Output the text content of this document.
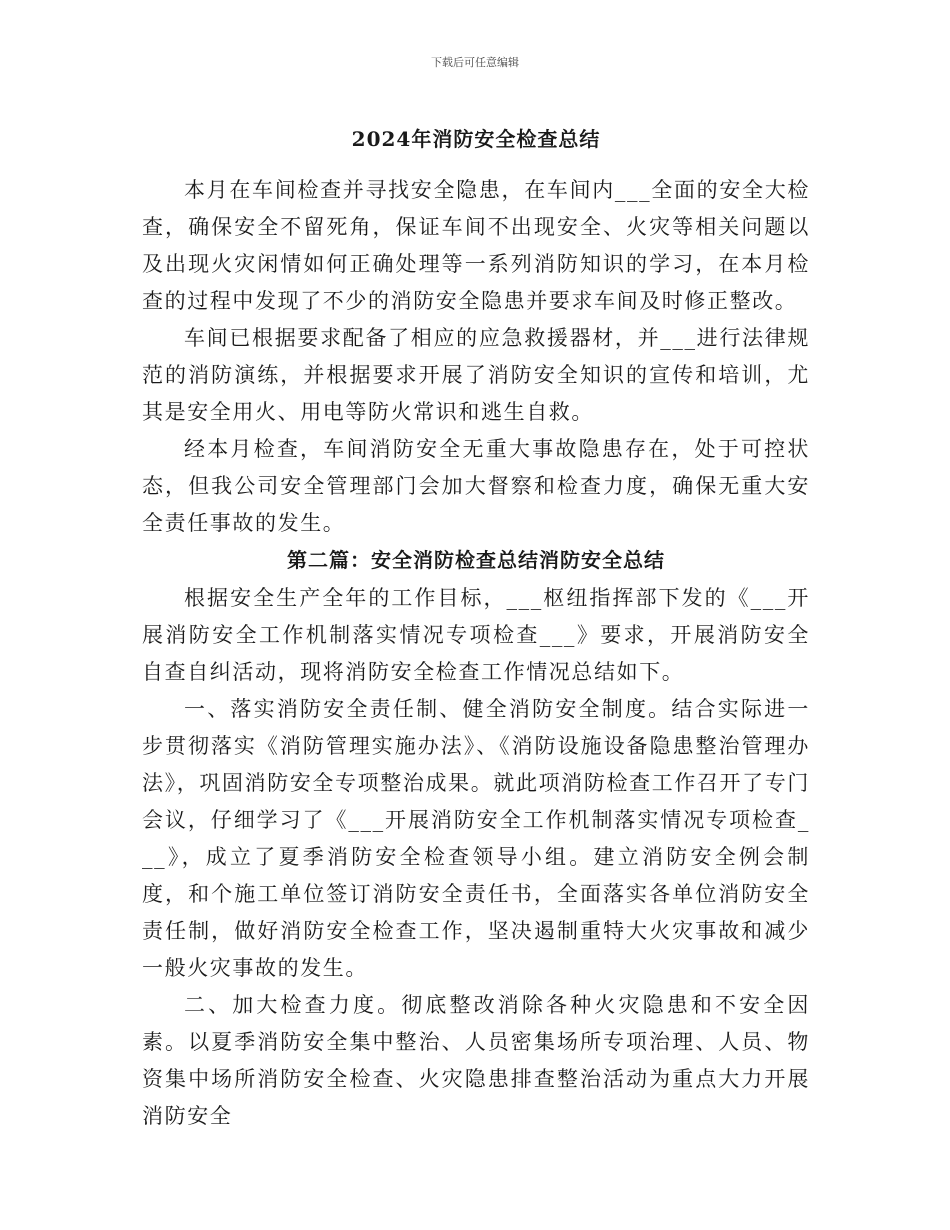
下载后可任意编辑
2024年消防安全检查总结

本月在车间检查并寻找安全隐患，在车间内___全面的安全大检查，确保安全不留死角，保证车间不出现安全、火灾等相关问题以及出现火灾闲情如何正确处理等一系列消防知识的学习，在本月检查的过程中发现了不少的消防安全隐患并要求车间及时修正整改。

车间已根据要求配备了相应的应急救援器材，并___进行法律规范的消防演练，并根据要求开展了消防安全知识的宣传和培训，尤其是安全用火、用电等防火常识和逃生自救。

经本月检查，车间消防安全无重大事故隐患存在，处于可控状态，但我公司安全管理部门会加大督察和检查力度，确保无重大安全责任事故的发生。

第二篇：安全消防检查总结消防安全总结

根据安全生产全年的工作目标，___枢纽指挥部下发的《___开展消防安全工作机制落实情况专项检查___》要求，开展消防安全自查自纠活动，现将消防安全检查工作情况总结如下。

一、落实消防安全责任制、健全消防安全制度。结合实际进一步贯彻落实《消防管理实施办法》、《消防设施设备隐患整治管理办法》，巩固消防安全专项整治成果。就此项消防检查工作召开了专门会议，仔细学习了《___开展消防安全工作机制落实情况专项检查___》，成立了夏季消防安全检查领导小组。建立消防安全例会制度，和个施工单位签订消防安全责任书，全面落实各单位消防安全责任制，做好消防安全检查工作，坚决遏制重特大火灾事故和减少一般火灾事故的发生。

二、加大检查力度。彻底整改消除各种火灾隐患和不安全因素。以夏季消防安全集中整治、人员密集场所专项治理、人员、物资集中场所消防安全检查、火灾隐患排查整治活动为重点大力开展消防安全
